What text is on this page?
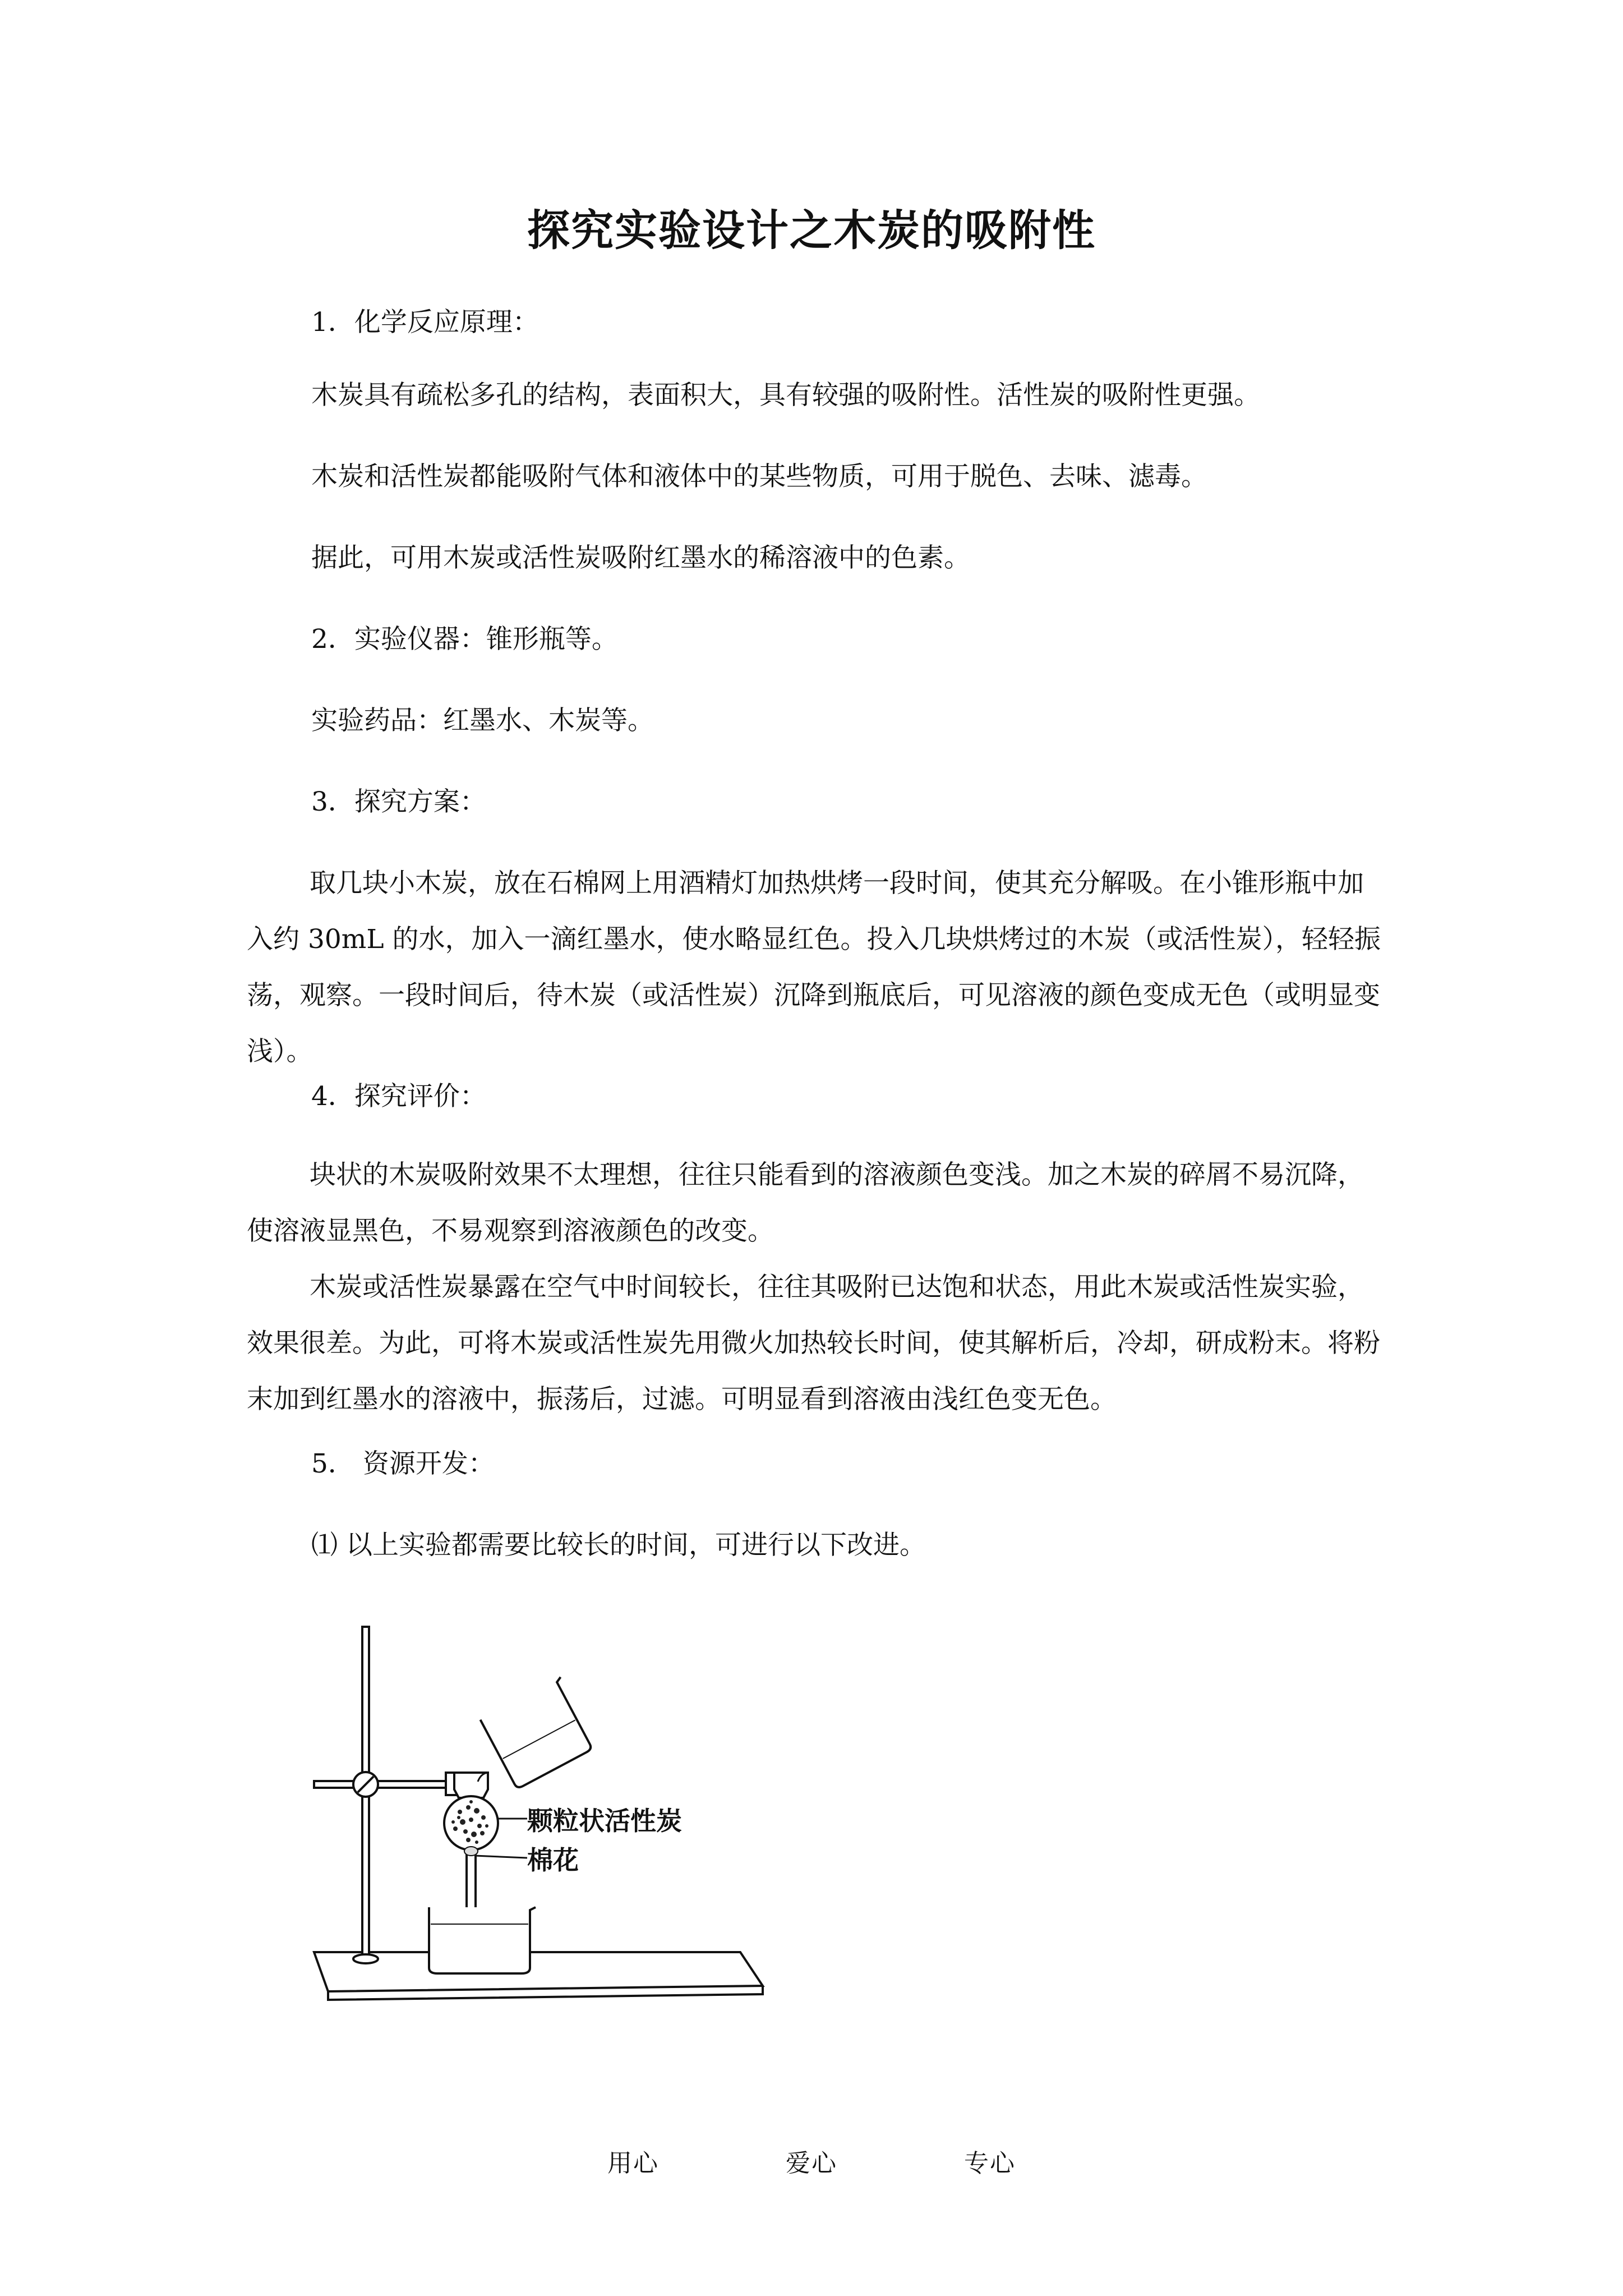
探究实验设计之木炭的吸附性

1．化学反应原理：

木炭具有疏松多孔的结构，表面积大，具有较强的吸附性。活性炭的吸附性更强。

木炭和活性炭都能吸附气体和液体中的某些物质，可用于脱色、去味、滤毒。

据此，可用木炭或活性炭吸附红墨水的稀溶液中的色素。

2．实验仪器：锥形瓶等。

实验药品：红墨水、木炭等。

3．探究方案：

取几块小木炭，放在石棉网上用酒精灯加热烘烤一段时间，使其充分解吸。在小锥形瓶中加入约 30mL 的水，加入一滴红墨水，使水略显红色。投入几块烘烤过的木炭（或活性炭），轻轻振荡，观察。一段时间后，待木炭（或活性炭）沉降到瓶底后，可见溶液的颜色变成无色（或明显变浅）。

4．探究评价：

块状的木炭吸附效果不太理想，往往只能看到的溶液颜色变浅。加之木炭的碎屑不易沉降，使溶液显黑色，不易观察到溶液颜色的改变。

木炭或活性炭暴露在空气中时间较长，往往其吸附已达饱和状态，用此木炭或活性炭实验，效果很差。为此，可将木炭或活性炭先用微火加热较长时间，使其解析后，冷却，研成粉末。将粉末加到红墨水的溶液中，振荡后，过滤。可明显看到溶液由浅红色变无色。

5． 资源开发：

⑴ 以上实验都需要比较长的时间，可进行以下改进。

颗粒状活性炭
棉花
用心	爱心	专心
